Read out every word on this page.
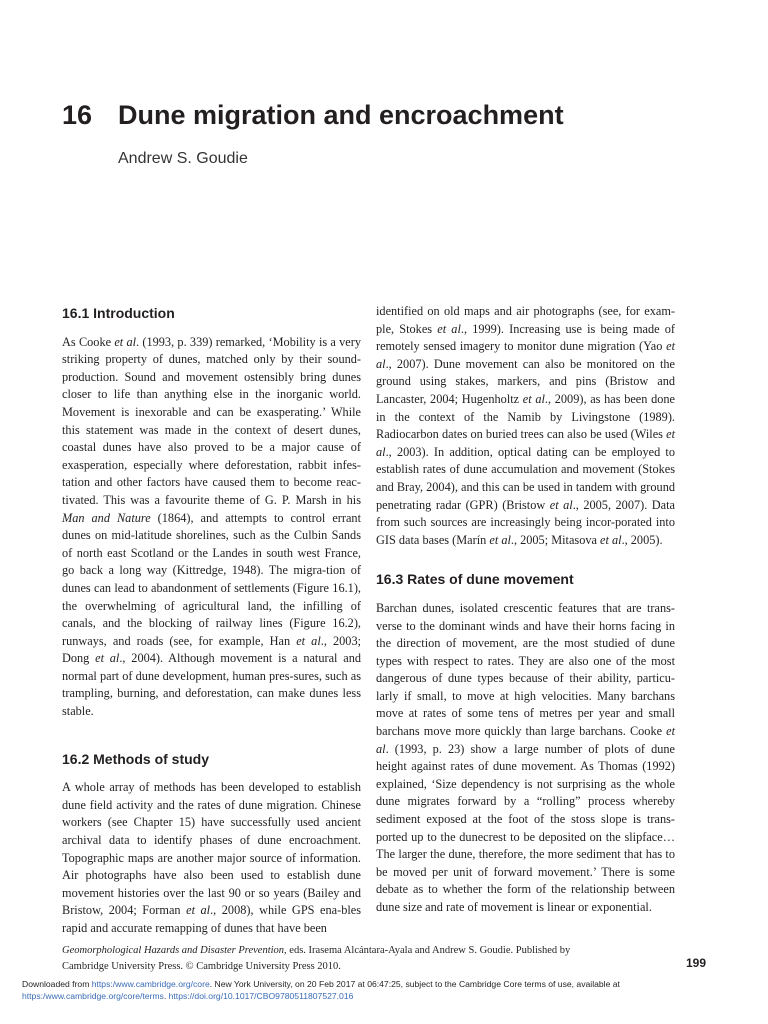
16 Dune migration and encroachment
Andrew S. Goudie
16.1 Introduction

As Cooke et al. (1993, p. 339) remarked, ‘Mobility is a very striking property of dunes, matched only by their sound-production. Sound and movement ostensibly bring dunes closer to life than anything else in the inorganic world. Movement is inexorable and can be exasperating.’ While this statement was made in the context of desert dunes, coastal dunes have also proved to be a major cause of exasperation, especially where deforestation, rabbit infes-tation and other factors have caused them to become reac-tivated. This was a favourite theme of G. P. Marsh in his Man and Nature (1864), and attempts to control errant dunes on mid-latitude shorelines, such as the Culbin Sands of north east Scotland or the Landes in south west France, go back a long way (Kittredge, 1948). The migra-tion of dunes can lead to abandonment of settlements (Figure 16.1), the overwhelming of agricultural land, the infilling of canals, and the blocking of railway lines (Figure 16.2), runways, and roads (see, for example, Han et al., 2003; Dong et al., 2004). Although movement is a natural and normal part of dune development, human pres-sures, such as trampling, burning, and deforestation, can make dunes less stable.

16.2 Methods of study

A whole array of methods has been developed to establish dune field activity and the rates of dune migration. Chinese workers (see Chapter 15) have successfully used ancient archival data to identify phases of dune encroachment. Topographic maps are another major source of information. Air photographs have also been used to establish dune movement histories over the last 90 or so years (Bailey and Bristow, 2004; Forman et al., 2008), while GPS ena-bles rapid and accurate remapping of dunes that have been

identified on old maps and air photographs (see, for exam-ple, Stokes et al., 1999). Increasing use is being made of remotely sensed imagery to monitor dune migration (Yao et al., 2007). Dune movement can also be monitored on the ground using stakes, markers, and pins (Bristow and Lancaster, 2004; Hugenholtz et al., 2009), as has been done in the context of the Namib by Livingstone (1989). Radiocarbon dates on buried trees can also be used (Wiles et al., 2003). In addition, optical dating can be employed to establish rates of dune accumulation and movement (Stokes and Bray, 2004), and this can be used in tandem with ground penetrating radar (GPR) (Bristow et al., 2005, 2007). Data from such sources are increasingly being incor-porated into GIS data bases (Marín et al., 2005; Mitasova et al., 2005).

16.3 Rates of dune movement

Barchan dunes, isolated crescentic features that are trans-verse to the dominant winds and have their horns facing in the direction of movement, are the most studied of dune types with respect to rates. They are also one of the most dangerous of dune types because of their ability, particu-larly if small, to move at high velocities. Many barchans move at rates of some tens of metres per year and small barchans move more quickly than large barchans. Cooke et al. (1993, p. 23) show a large number of plots of dune height against rates of dune movement. As Thomas (1992) explained, ‘Size dependency is not surprising as the whole dune migrates forward by a “rolling” process whereby sediment exposed at the foot of the stoss slope is trans-ported up to the dunecrest to be deposited on the slipface… The larger the dune, therefore, the more sediment that has to be moved per unit of forward movement.’ There is some debate as to whether the form of the relationship between dune size and rate of movement is linear or exponential.

Geomorphological Hazards and Disaster Prevention, eds. Irasema Alcántara-Ayala and Andrew S. Goudie. Published by
Cambridge University Press. © Cambridge University Press 2010.	199
Downloaded from https:/www.cambridge.org/core. New York University, on 20 Feb 2017 at 06:47:25, subject to the Cambridge Core terms of use, available at
https:/www.cambridge.org/core/terms. https://doi.org/10.1017/CBO9780511807527.016
